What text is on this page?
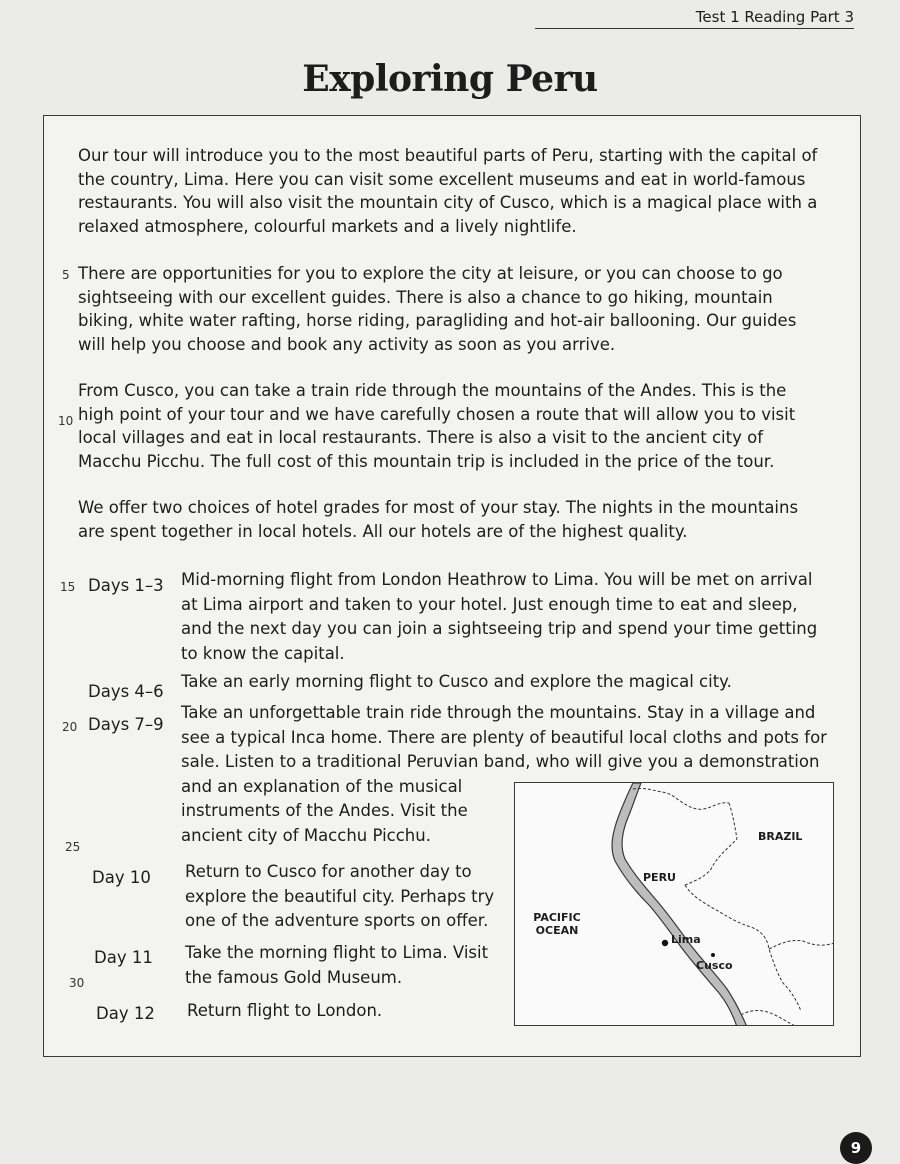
Test 1 Reading Part 3
Exploring Peru
Our tour will introduce you to the most beautiful parts of Peru, starting with the capital of the country, Lima. Here you can visit some excellent museums and eat in world-famous restaurants. You will also visit the mountain city of Cusco, which is a magical place with a relaxed atmosphere, colourful markets and a lively nightlife.
There are opportunities for you to explore the city at leisure, or you can choose to go sightseeing with our excellent guides. There is also a chance to go hiking, mountain biking, white water rafting, horse riding, paragliding and hot-air ballooning. Our guides will help you choose and book any activity as soon as you arrive.
From Cusco, you can take a train ride through the mountains of the Andes. This is the high point of your tour and we have carefully chosen a route that will allow you to visit local villages and eat in local restaurants. There is also a visit to the ancient city of Macchu Picchu. The full cost of this mountain trip is included in the price of the tour.
We offer two choices of hotel grades for most of your stay. The nights in the mountains are spent together in local hotels. All our hotels are of the highest quality.
5
10
15
20
25
30
Days 1–3 Mid-morning flight from London Heathrow to Lima. You will be met on arrival at Lima airport and taken to your hotel. Just enough time to eat and sleep, and the next day you can join a sightseeing trip and spend your time getting to know the capital.
Days 4–6
Take an early morning flight to Cusco and explore the magical city.
Days 7–9
Take an unforgettable train ride through the mountains. Stay in a village and see a typical Inca home. There are plenty of beautiful local cloths and pots for sale. Listen to a traditional Peruvian band, who will give you a demonstration
and an explanation of the musical instruments of the Andes. Visit the ancient city of Macchu Picchu.
Day 10 Return to Cusco for another day to explore the beautiful city. Perhaps try one of the adventure sports on offer.
Day 11 Take the morning flight to Lima. Visit the famous Gold Museum.
Day 12 Return flight to London.
BRAZIL
PERU
PACIFIC OCEAN
Lima
Cusco
9
